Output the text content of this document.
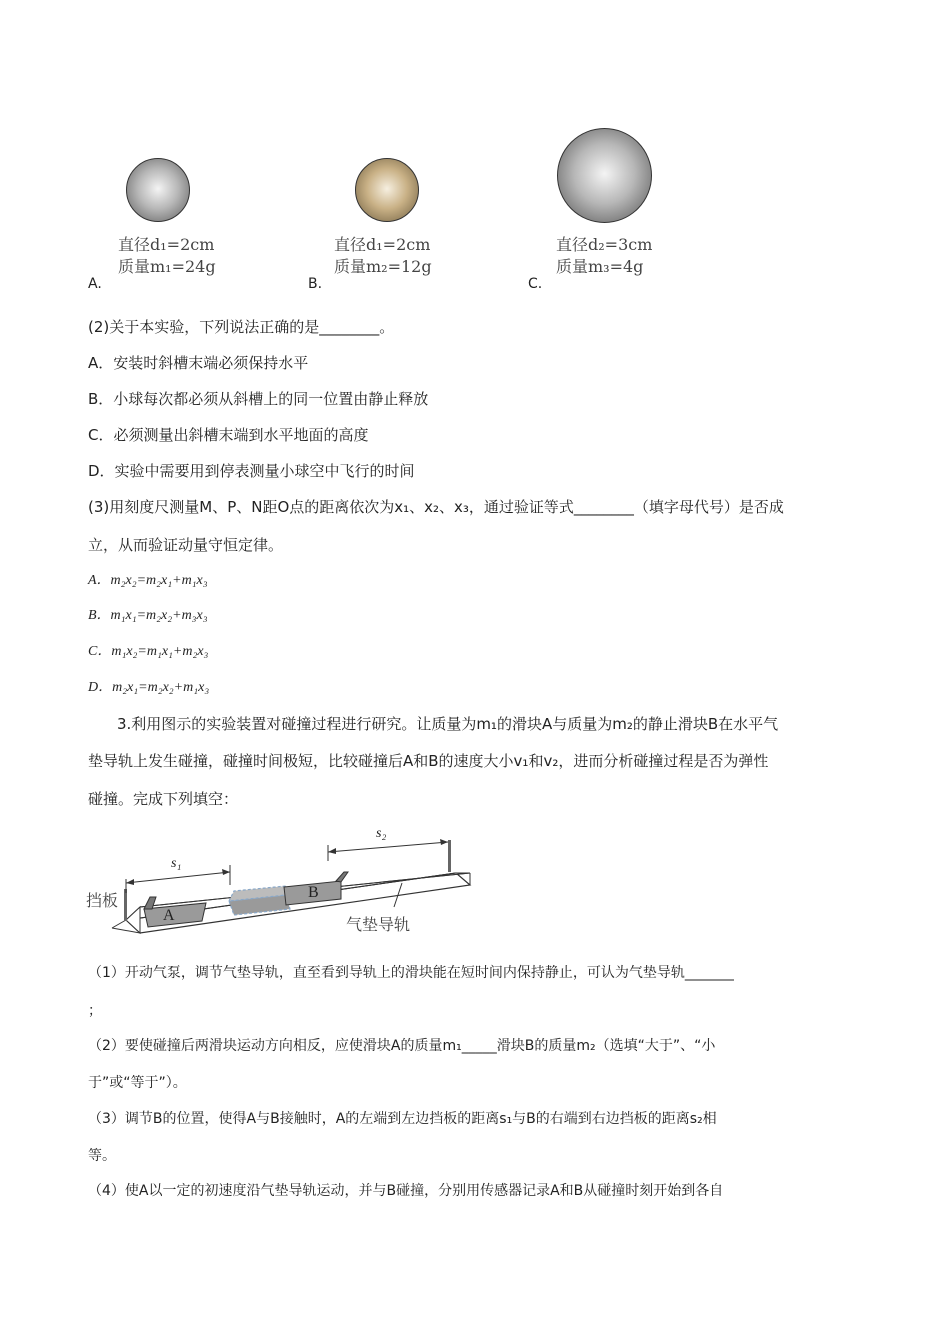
直径d₁=2cm
质量m₁=24g
直径d₁=2cm
质量m₂=12g
直径d₂=3cm
质量m₃=4g
A.	B.	C.
(2)关于本实验，下列说法正确的是________。
A．安装时斜槽末端必须保持水平
B．小球每次都必须从斜槽上的同一位置由静止释放
C．必须测量出斜槽末端到水平地面的高度
D．实验中需要用到停表测量小球空中飞行的时间
(3)用刻度尺测量M、P、N距O点的距离依次为x₁、x₂、x₃，通过验证等式________（填字母代号）是否成
立，从而验证动量守恒定律。
A．m₂x₂=m₂x₁+m₁x₃
B．m₁x₁=m₂x₂+m₃x₃
C．m₁x₂=m₁x₁+m₂x₃
D．m₂x₁=m₂x₂+m₁x₃
3.利用图示的实验装置对碰撞过程进行研究。让质量为m₁的滑块A与质量为m₂的静止滑块B在水平气
垫导轨上发生碰撞，碰撞时间极短，比较碰撞后A和B的速度大小v₁和v₂，进而分析碰撞过程是否为弹性
碰撞。完成下列填空：
s₁
s₂
挡板
A
B
气垫导轨
（1）开动气泵，调节气垫导轨，直至看到导轨上的滑块能在短时间内保持静止，可认为气垫导轨_______
；
（2）要使碰撞后两滑块运动方向相反，应使滑块A的质量m₁_____滑块B的质量m₂（选填“大于”、“小
于”或“等于”）。
（3）调节B的位置，使得A与B接触时，A的左端到左边挡板的距离s₁与B的右端到右边挡板的距离s₂相
等。
（4）使A以一定的初速度沿气垫导轨运动，并与B碰撞，分别用传感器记录A和B从碰撞时刻开始到各自
